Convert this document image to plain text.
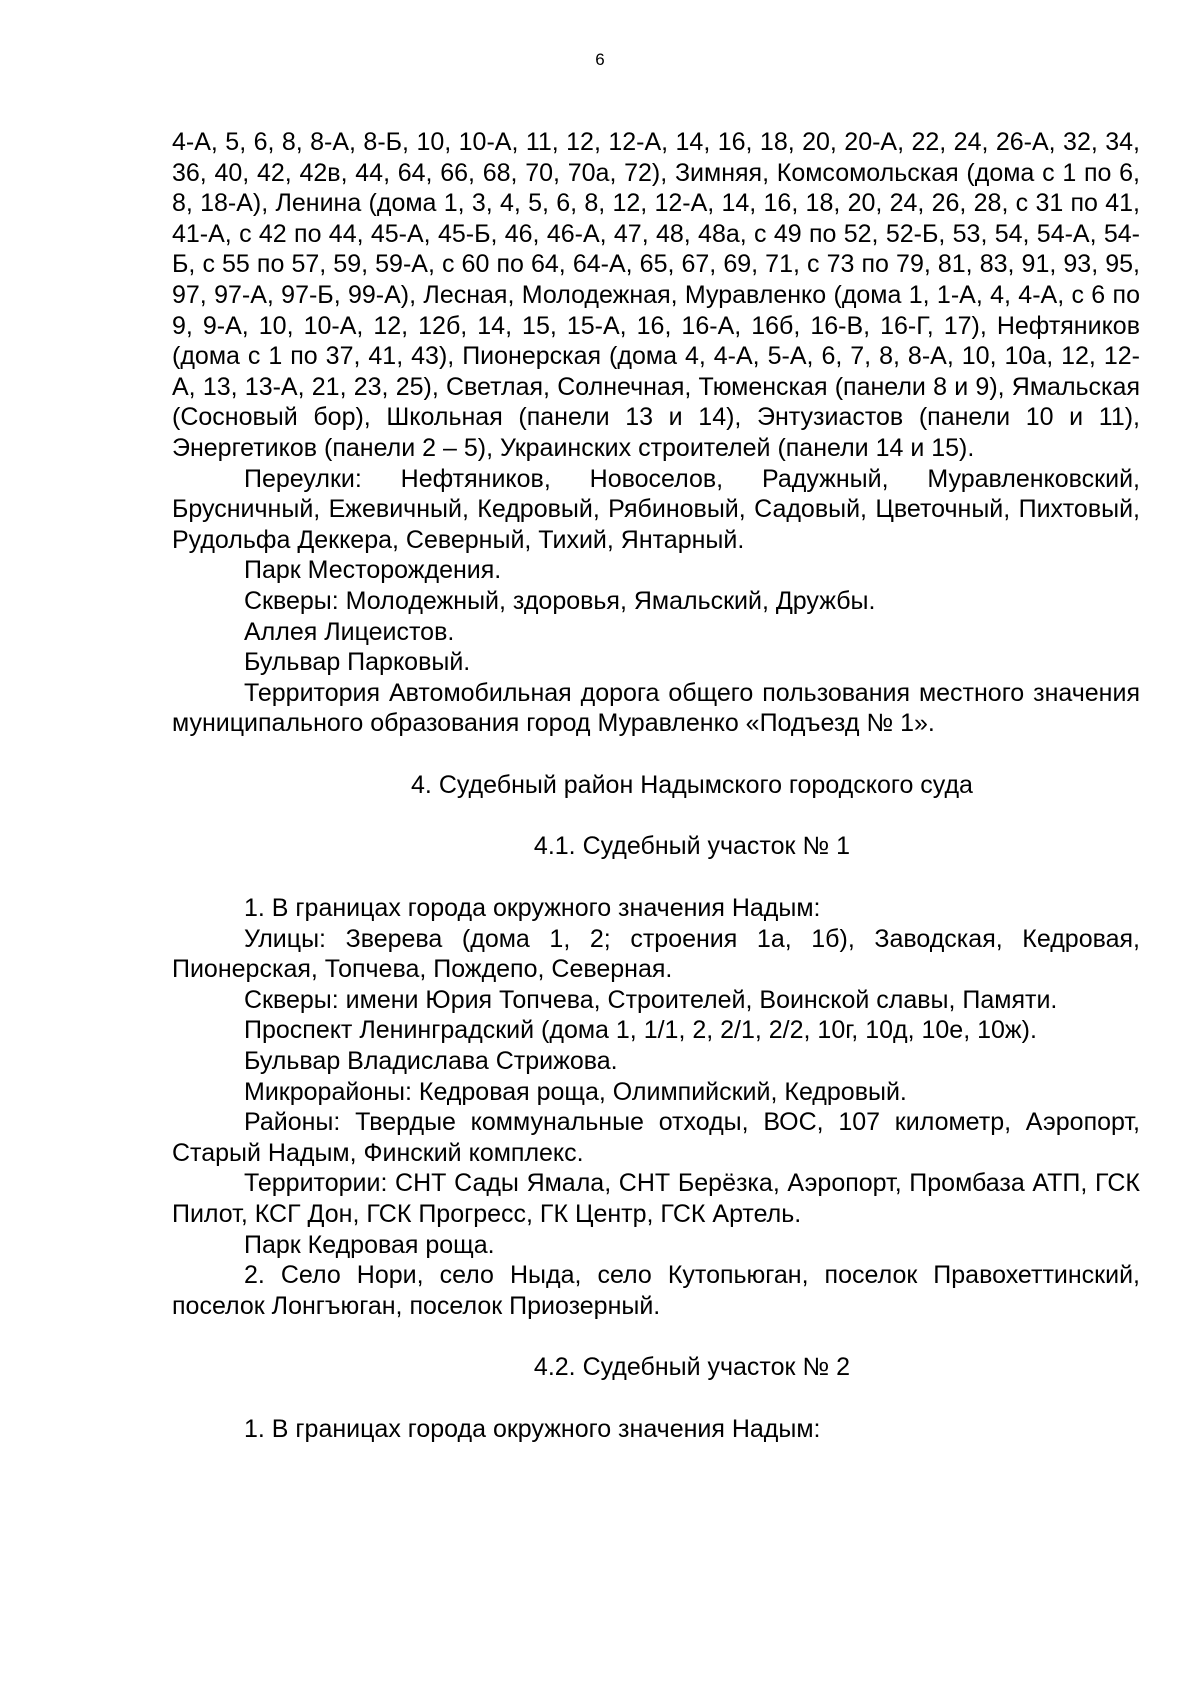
6

4-А, 5, 6, 8, 8-А, 8-Б, 10, 10-А, 11, 12, 12-А, 14, 16, 18, 20, 20-А, 22, 24, 26-А, 32, 34, 36, 40, 42, 42в, 44, 64, 66, 68, 70, 70а, 72), Зимняя, Комсомольская (дома с 1 по 6, 8, 18-А), Ленина (дома 1, 3, 4, 5, 6, 8, 12, 12-А, 14, 16, 18, 20, 24, 26, 28, с 31 по 41, 41-А, с 42 по 44, 45-А, 45-Б, 46, 46-А, 47, 48, 48а, с 49 по 52, 52-Б, 53, 54, 54-А, 54-Б, с 55 по 57, 59, 59-А, с 60 по 64, 64-А, 65, 67, 69, 71, с 73 по 79, 81, 83, 91, 93, 95, 97, 97-А, 97-Б, 99-А), Лесная, Молодежная, Муравленко (дома 1, 1-А, 4, 4-А, с 6 по 9, 9-А, 10, 10-А, 12, 12б, 14, 15, 15-А, 16, 16-А, 16б, 16-В, 16-Г, 17), Нефтяников (дома с 1 по 37, 41, 43), Пионерская (дома 4, 4-А, 5-А, 6, 7, 8, 8-А, 10, 10а, 12, 12-А, 13, 13-А, 21, 23, 25), Светлая, Солнечная, Тюменская (панели 8 и 9), Ямальская (Сосновый бор), Школьная (панели 13 и 14), Энтузиастов (панели 10 и 11), Энергетиков (панели 2 – 5), Украинских строителей (панели 14 и 15).

Переулки: Нефтяников, Новоселов, Радужный, Муравленковский, Брусничный, Ежевичный, Кедровый, Рябиновый, Садовый, Цветочный, Пихтовый, Рудольфа Деккера, Северный, Тихий, Янтарный.

Парк Месторождения.

Скверы: Молодежный, здоровья, Ямальский, Дружбы.

Аллея Лицеистов.

Бульвар Парковый.

Территория Автомобильная дорога общего пользования местного значения муниципального образования город Муравленко «Подъезд № 1».

4. Судебный район Надымского городского суда

4.1. Судебный участок № 1

1. В границах города окружного значения Надым:

Улицы: Зверева (дома 1, 2; строения 1а, 1б), Заводская, Кедровая, Пионерская, Топчева, Пождепо, Северная.

Скверы: имени Юрия Топчева, Строителей, Воинской славы, Памяти.

Проспект Ленинградский (дома 1, 1/1, 2, 2/1, 2/2, 10г, 10д, 10е, 10ж).

Бульвар Владислава Стрижова.

Микрорайоны: Кедровая роща, Олимпийский, Кедровый.

Районы: Твердые коммунальные отходы, ВОС, 107 километр, Аэропорт, Старый Надым, Финский комплекс.

Территории: СНТ Сады Ямала, СНТ Берёзка, Аэропорт, Промбаза АТП, ГСК Пилот, КСГ Дон, ГСК Прогресс, ГК Центр, ГСК Артель.

Парк Кедровая роща.

2. Село Нори, село Ныда, село Кутопьюган, поселок Правохеттинский, поселок Лонгъюган, поселок Приозерный.

4.2. Судебный участок № 2

1. В границах города окружного значения Надым:
